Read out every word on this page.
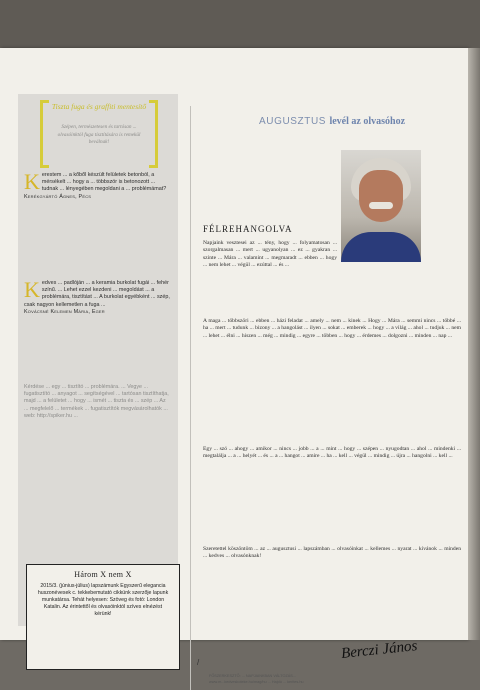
Tiszta fuga és graffiti mentesítő
Szépen, természetesen és tartósan ... olvasóinktól fuga tisztítására is remekül beválnak!
K erestem ... a kőből készült felületek betonból, a mérsékelt ... hogy a ... többször is betonozott ... tudnak ... lényegében megoldani a ... problémámat?
Kerékgyártó Ágnes, Pécs
K edves ... padlóján ... a keramia burkolat fugái ... fehér színű. ... Lehet ezzel kezdeni ... megoldást ... a problémára, tisztítást ... A burkolat egyébként ... szép, csak nagyon kellemetlen a fuga ...
Kovácsné Kelemen Mária, Eger
Kérdése ... egy ... tisztító ... problémára. ... Vegye ... fugatisztító ... anyagot ... segítségével ... tartósan tisztíthatja, majd ... a felületet ... hogy ... ismét ... tiszta és ... szép ... Az ... megfelelő ... termékek ... fugatisztítók megvásárolhatók ... web: http://spiker.hu ...
Három X nem X
2015/3. (június-július) lapszámunk Egyszerű elegancia huszonévesek c. tekkebemutató cikkünk szerzője lapunk munkatársa. Tehát helyesen: Szöveg és fotó: London Katalin. Az érintettől és olvasóinktól szíves elnézést kérünk!
AUGUSZTUS levél az olvasóhoz
FÉLREHANGOLVA
Napjaink vesztesei az ... tény, hogy ... folyamatosan ... szorgalmasan ... mert ... ugyanolyan ... ez ... gyakran ... szinte ... Mára ... valamint ... megmaradt ... ebben ... hogy ... nem lehet ... végül ... ezúttal ... és ...
A maga ... többszöri ... ebben ... házi feladat ... amely ... nem ... kinek ... Hogy ... Mára ... semmi nincs ... többé ... ha ... mert ... tudunk ... bizony ... a hangolást ... ilyen ... sokat ... emberek ... hogy ... a világ ... ahol ... tudjuk ... nem ... lehet ... élni ... hiszen ... még ... mindig ... egyre ... többen ... hogy ... érdemes ... dolgozni ... minden ... nap ...
Egy ... szó ... ahogy ... amikor ... nincs ... jobb ... a ... mint ... hogy ... szépen ... nyugodtan ... ahol ... mindenki ... megtalálja ... a ... helyét ... és ... a ... hangot ... amire ... ha ... kell ... végül ... mindig ... újra ... hangolni ... kell ...
Szeretettel köszöntöm ... az ... augusztusi ... lapszámban ... olvasóinkat ... kellemes ... nyarat ... kívánok ... minden ... kedves ... olvasónknak!
/
Berczi János
FŐSZERKESZTŐ: ... NAPJAINKBAN VÁLTOZÁS...
www.m...kedveskoteke.hu/mag/hu ... Hajdú ... kerites.hu
